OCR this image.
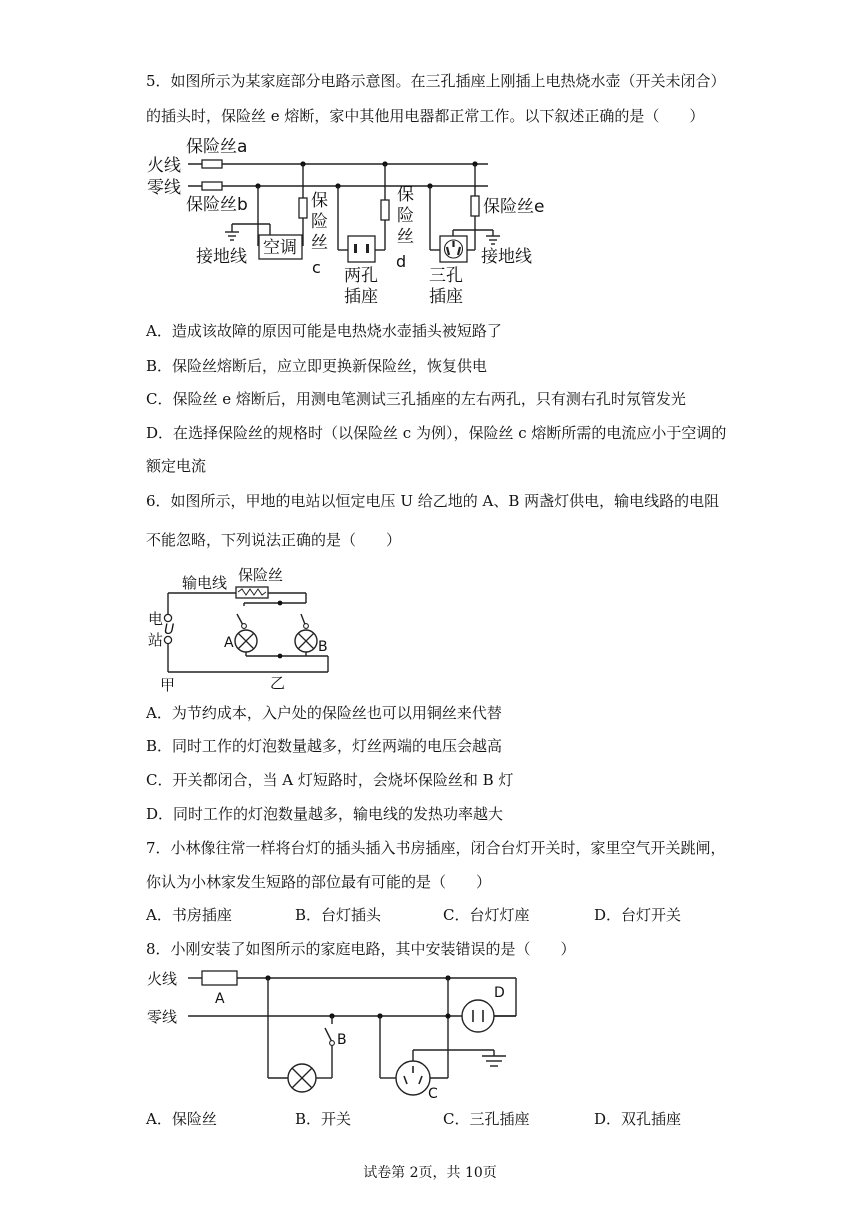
5．如图所示为某家庭部分电路示意图。在三孔插座上刚插上电热烧水壶（开关未闭合）
的插头时，保险丝 e 熔断，家中其他用电器都正常工作。以下叙述正确的是（　　）
火线
零线
保险丝a
保险丝b
空调
接地线
保
险
丝
c
保
险
丝
d
两孔
插座
保险丝e
接地线
三孔
插座
A．造成该故障的原因可能是电热烧水壶插头被短路了
B．保险丝熔断后，应立即更换新保险丝，恢复供电
C．保险丝 e 熔断后，用测电笔测试三孔插座的左右两孔，只有测右孔时氖管发光
D．在选择保险丝的规格时（以保险丝 c 为例），保险丝 c 熔断所需的电流应小于空调的
额定电流
6．如图所示，甲地的电站以恒定电压 U 给乙地的 A、B 两盏灯供电，输电线路的电阻
不能忽略，下列说法正确的是（　　）
输电线 保险丝
电
站
U
A	B
甲	乙
A．为节约成本，入户处的保险丝也可以用铜丝来代替
B．同时工作的灯泡数量越多，灯丝两端的电压会越高
C．开关都闭合，当 A 灯短路时，会烧坏保险丝和 B 灯
D．同时工作的灯泡数量越多，输电线的发热功率越大
7．小林像往常一样将台灯的插头插入书房插座，闭合台灯开关时，家里空气开关跳闸，
你认为小林家发生短路的部位最有可能的是（　　）
A．书房插座	B．台灯插头	C．台灯灯座	D．台灯开关
8．小刚安装了如图所示的家庭电路，其中安装错误的是（　　）
火线
零线
A
B
C
D
A．保险丝	B．开关	C．三孔插座	D．双孔插座
试卷第 2页，共 10页
